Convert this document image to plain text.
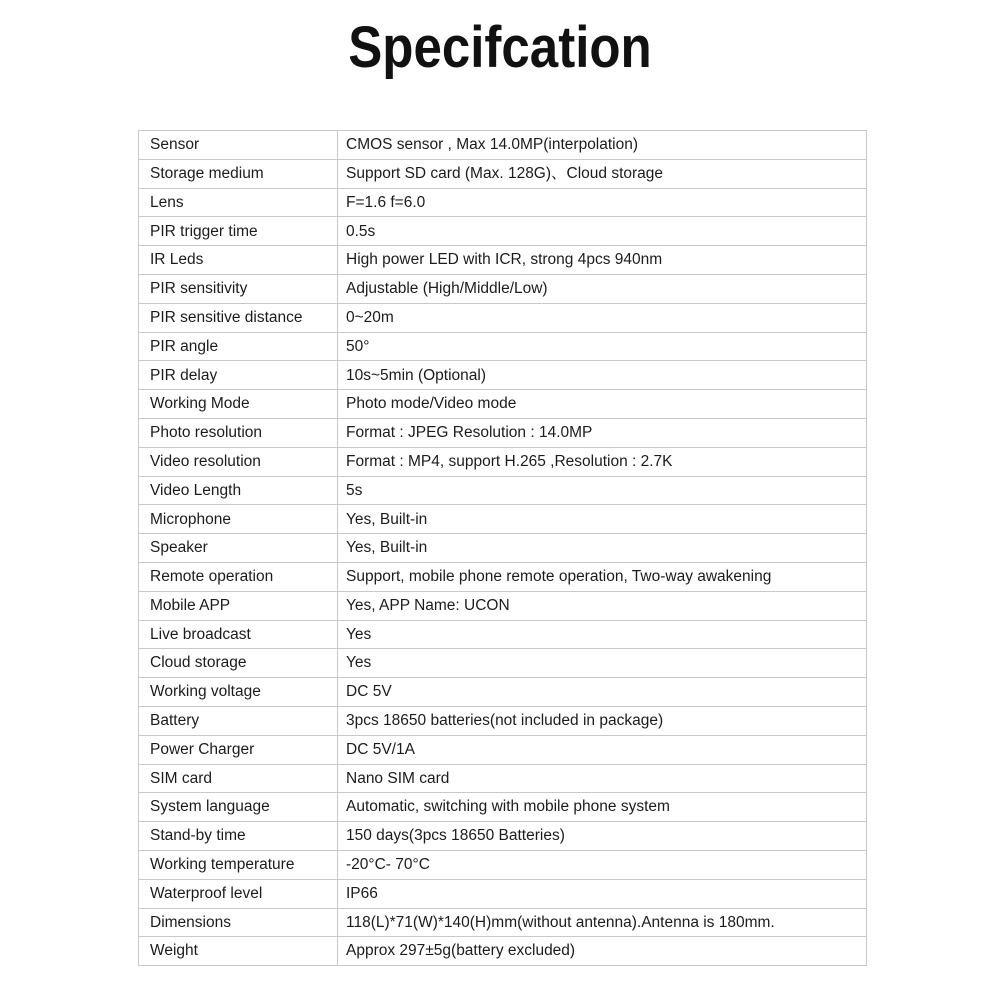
Specifcation
Sensor	CMOS sensor , Max 14.0MP(interpolation)
Storage medium	Support SD card (Max. 128G)、Cloud storage
Lens	F=1.6 f=6.0
PIR trigger time	0.5s
IR Leds	High power LED with ICR, strong 4pcs 940nm
PIR sensitivity	Adjustable (High/Middle/Low)
PIR sensitive distance	0~20m
PIR angle	50°
PIR delay	10s~5min (Optional)
Working Mode	Photo mode/Video mode
Photo resolution	Format : JPEG Resolution : 14.0MP
Video resolution	Format : MP4, support H.265 ,Resolution : 2.7K
Video Length	5s
Microphone	Yes, Built-in
Speaker	Yes, Built-in
Remote operation	Support, mobile phone remote operation, Two-way awakening
Mobile APP	Yes, APP Name: UCON
Live broadcast	Yes
Cloud storage	Yes
Working voltage	DC 5V
Battery	3pcs 18650 batteries(not included in package)
Power Charger	DC 5V/1A
SIM card	Nano SIM card
System language	Automatic, switching with mobile phone system
Stand-by time	150 days(3pcs 18650 Batteries)
Working temperature	-20°C- 70°C
Waterproof level	IP66
Dimensions	118(L)*71(W)*140(H)mm(without antenna).Antenna is 180mm.
Weight	Approx 297±5g(battery excluded)
